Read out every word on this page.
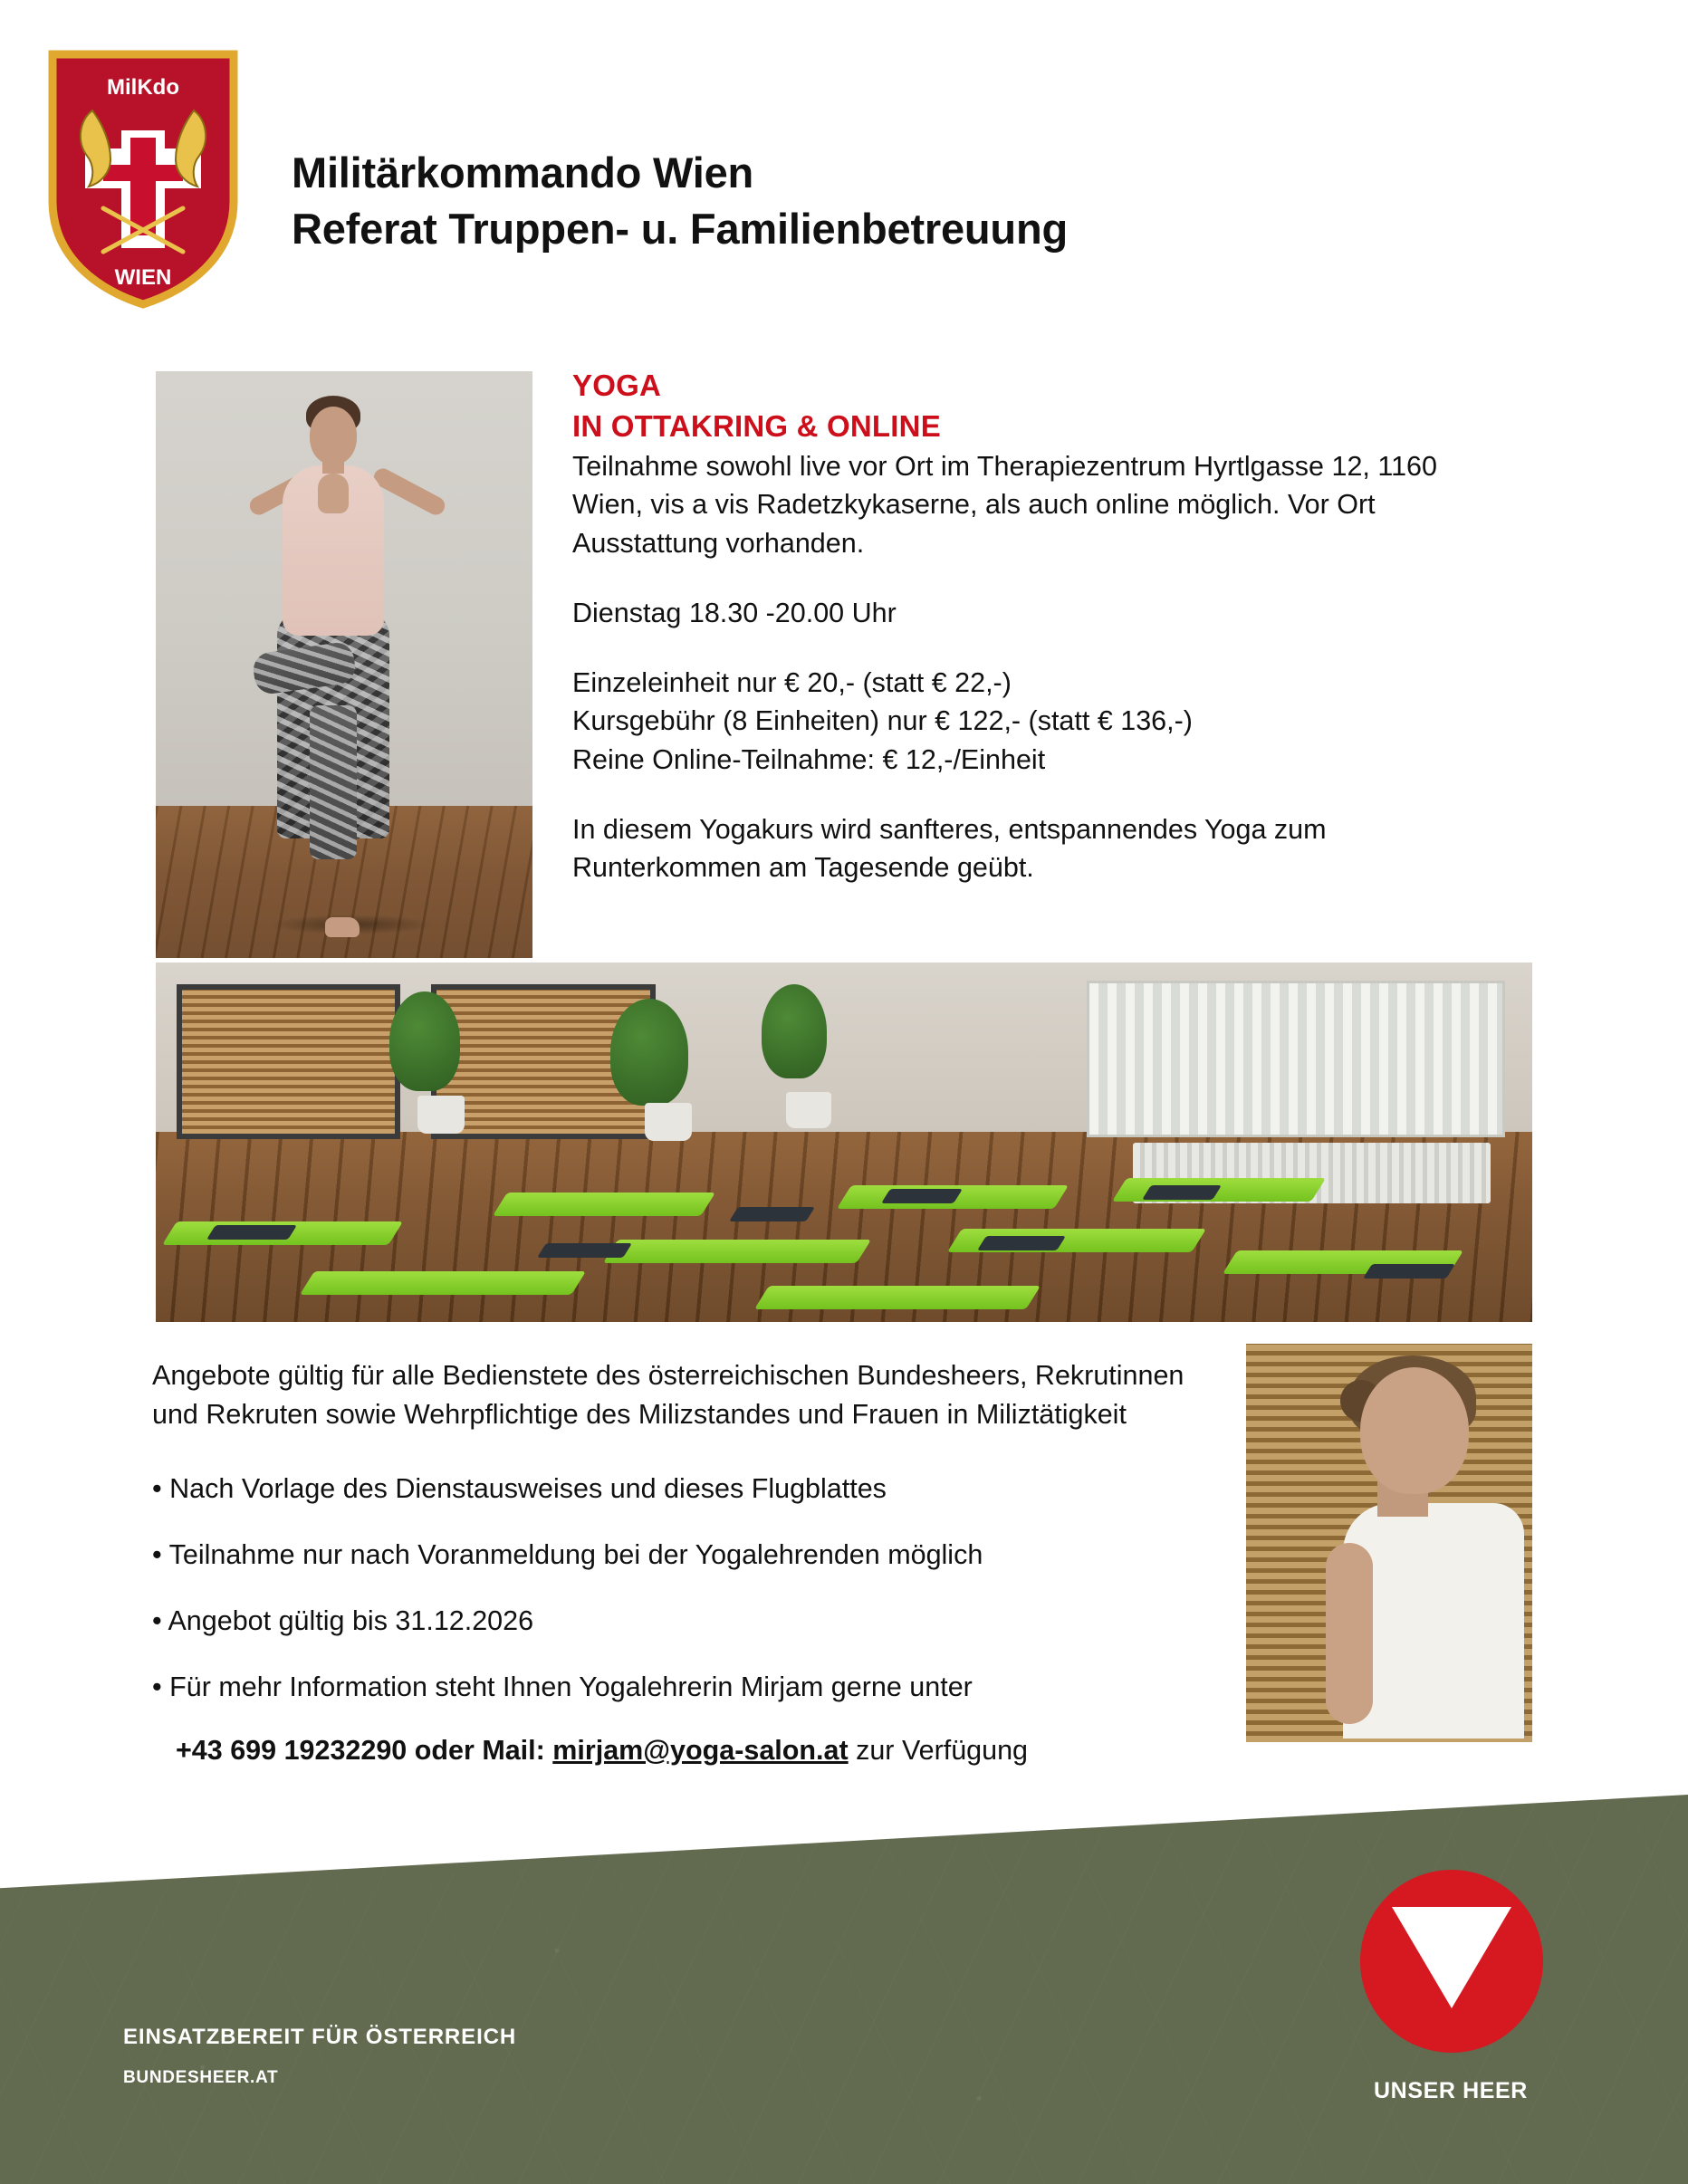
MilKdo
WIEN
Militärkommando Wien
Referat Truppen- u. Familienbetreuung
YOGA
IN OTTAKRING & ONLINE

Teilnahme sowohl live vor Ort im Therapiezentrum Hyrtlgasse 12, 1160 Wien, vis a vis Radetzkykaserne, als auch online möglich. Vor Ort Ausstattung vorhanden.

Dienstag 18.30 -20.00 Uhr

Einzeleinheit nur € 20,- (statt € 22,-)

Kursgebühr (8 Einheiten) nur € 122,- (statt € 136,-)

Reine Online-Teilnahme: € 12,-/Einheit

In diesem Yogakurs wird sanfteres, entspannendes Yoga zum Runterkommen am Tagesende geübt.

Angebote gültig für alle Bedienstete des österreichischen Bundesheers, Rekrutinnen und Rekruten sowie Wehrpflichtige des Milizstandes und Frauen in Miliztätigkeit

• Nach Vorlage des Dienstausweises und dieses Flugblattes
• Teilnahme nur nach Voranmeldung bei der Yogalehrenden möglich
• Angebot gültig bis 31.12.2026
• Für mehr Information steht Ihnen Yogalehrerin Mirjam gerne unter
+43 699 19232290 oder Mail: mirjam@yoga-salon.at zur Verfügung
EINSATZBEREIT FÜR ÖSTERREICH
BUNDESHEER.AT
UNSER HEER
